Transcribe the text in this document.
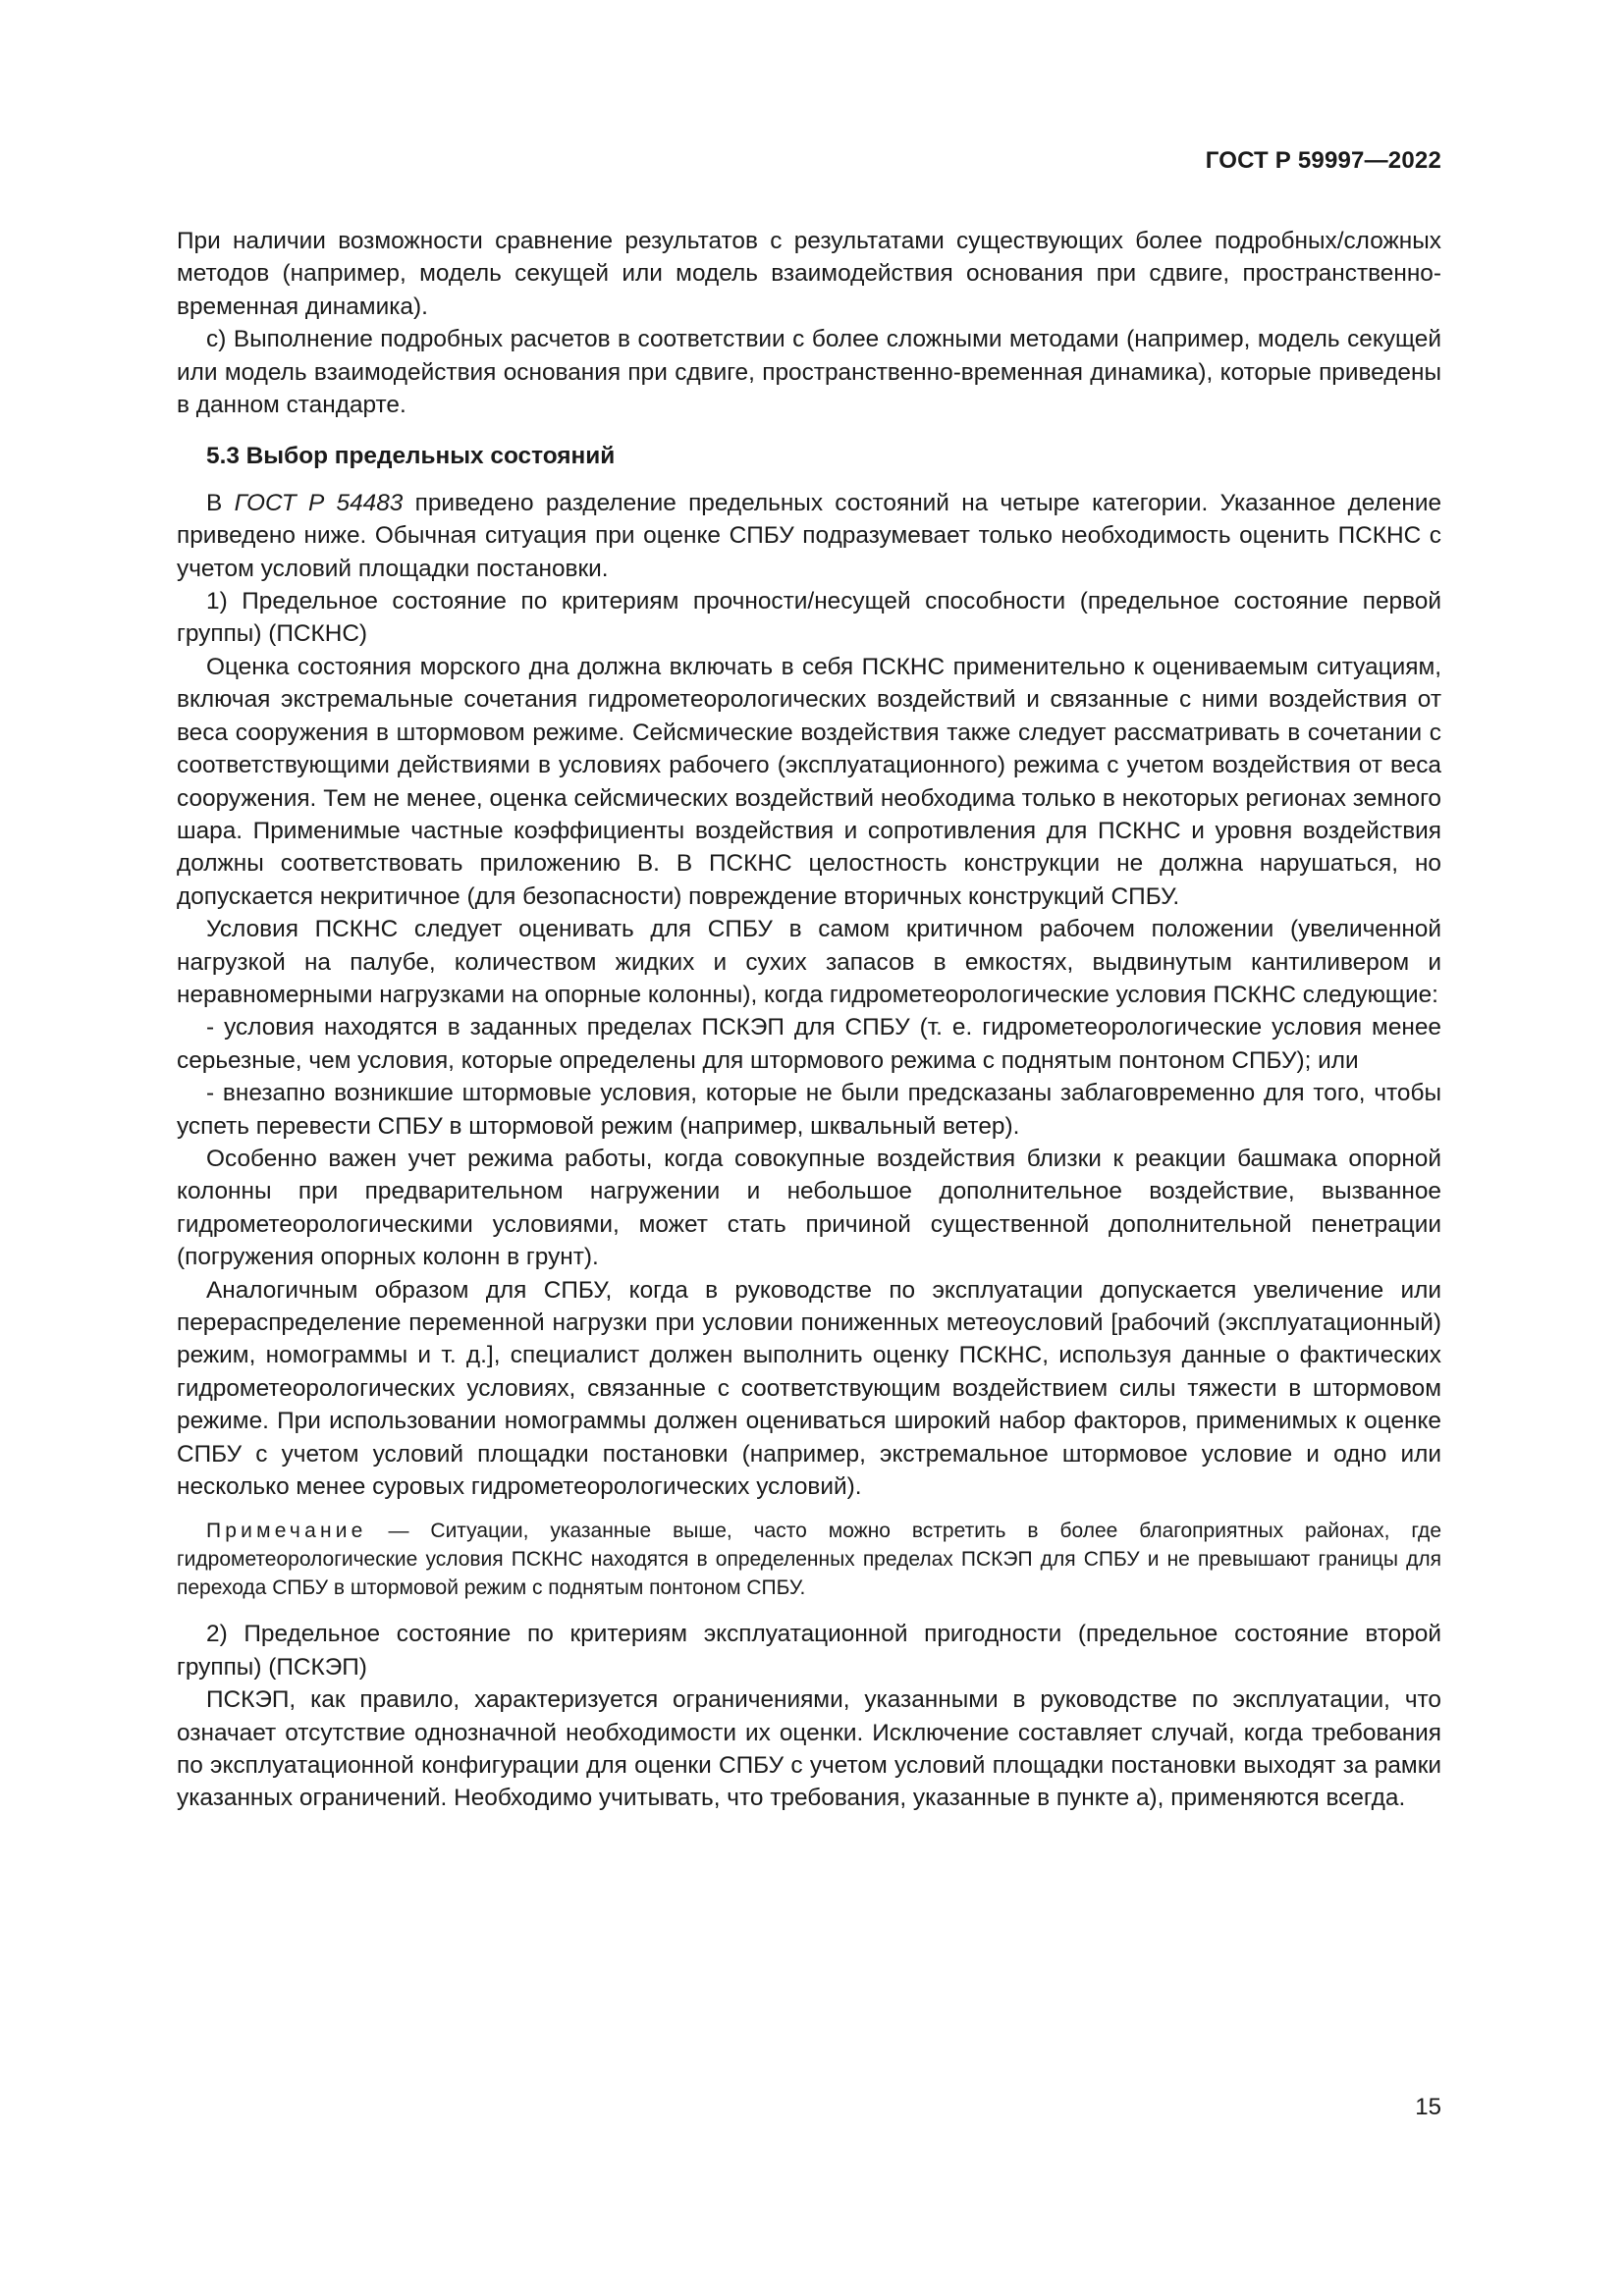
ГОСТ Р 59997—2022

При наличии возможности сравнение результатов с результатами существующих более подробных/сложных методов (например, модель секущей или модель взаимодействия основания при сдвиге, пространственно-временная динамика).

с) Выполнение подробных расчетов в соответствии с более сложными методами (например, модель секущей или модель взаимодействия основания при сдвиге, пространственно-временная динамика), которые приведены в данном стандарте.

5.3 Выбор предельных состояний

В ГОСТ Р 54483 приведено разделение предельных состояний на четыре категории. Указанное деление приведено ниже. Обычная ситуация при оценке СПБУ подразумевает только необходимость оценить ПСКНС с учетом условий площадки постановки.

1) Предельное состояние по критериям прочности/несущей способности (предельное состояние первой группы) (ПСКНС)

Оценка состояния морского дна должна включать в себя ПСКНС применительно к оцениваемым ситуациям, включая экстремальные сочетания гидрометеорологических воздействий и связанные с ними воздействия от веса сооружения в штормовом режиме. Сейсмические воздействия также следует рассматривать в сочетании с соответствующими действиями в условиях рабочего (эксплуатационного) режима с учетом воздействия от веса сооружения. Тем не менее, оценка сейсмических воздействий необходима только в некоторых регионах земного шара. Применимые частные коэффициенты воздействия и сопротивления для ПСКНС и уровня воздействия должны соответствовать приложению В. В ПСКНС целостность конструкции не должна нарушаться, но допускается некритичное (для безопасности) повреждение вторичных конструкций СПБУ.

Условия ПСКНС следует оценивать для СПБУ в самом критичном рабочем положении (увеличенной нагрузкой на палубе, количеством жидких и сухих запасов в емкостях, выдвинутым кантиливером и неравномерными нагрузками на опорные колонны), когда гидрометеорологические условия ПСКНС следующие:

- условия находятся в заданных пределах ПСКЭП для СПБУ (т. е. гидрометеорологические условия менее серьезные, чем условия, которые определены для штормового режима с поднятым понтоном СПБУ); или

- внезапно возникшие штормовые условия, которые не были предсказаны заблаговременно для того, чтобы успеть перевести СПБУ в штормовой режим (например, шквальный ветер).

Особенно важен учет режима работы, когда совокупные воздействия близки к реакции башмака опорной колонны при предварительном нагружении и небольшое дополнительное воздействие, вызванное гидрометеорологическими условиями, может стать причиной существенной дополнительной пенетрации (погружения опорных колонн в грунт).

Аналогичным образом для СПБУ, когда в руководстве по эксплуатации допускается увеличение или перераспределение переменной нагрузки при условии пониженных метеоусловий [рабочий (эксплуатационный) режим, номограммы и т. д.], специалист должен выполнить оценку ПСКНС, используя данные о фактических гидрометеорологических условиях, связанные с соответствующим воздействием силы тяжести в штормовом режиме. При использовании номограммы должен оцениваться широкий набор факторов, применимых к оценке СПБУ с учетом условий площадки постановки (например, экстремальное штормовое условие и одно или несколько менее суровых гидрометеорологических условий).

Примечание — Ситуации, указанные выше, часто можно встретить в более благоприятных районах, где гидрометеорологические условия ПСКНС находятся в определенных пределах ПСКЭП для СПБУ и не превышают границы для перехода СПБУ в штормовой режим с поднятым понтоном СПБУ.

2) Предельное состояние по критериям эксплуатационной пригодности (предельное состояние второй группы) (ПСКЭП)

ПСКЭП, как правило, характеризуется ограничениями, указанными в руководстве по эксплуатации, что означает отсутствие однозначной необходимости их оценки. Исключение составляет случай, когда требования по эксплуатационной конфигурации для оценки СПБУ с учетом условий площадки постановки выходят за рамки указанных ограничений. Необходимо учитывать, что требования, указанные в пункте а), применяются всегда.

15
